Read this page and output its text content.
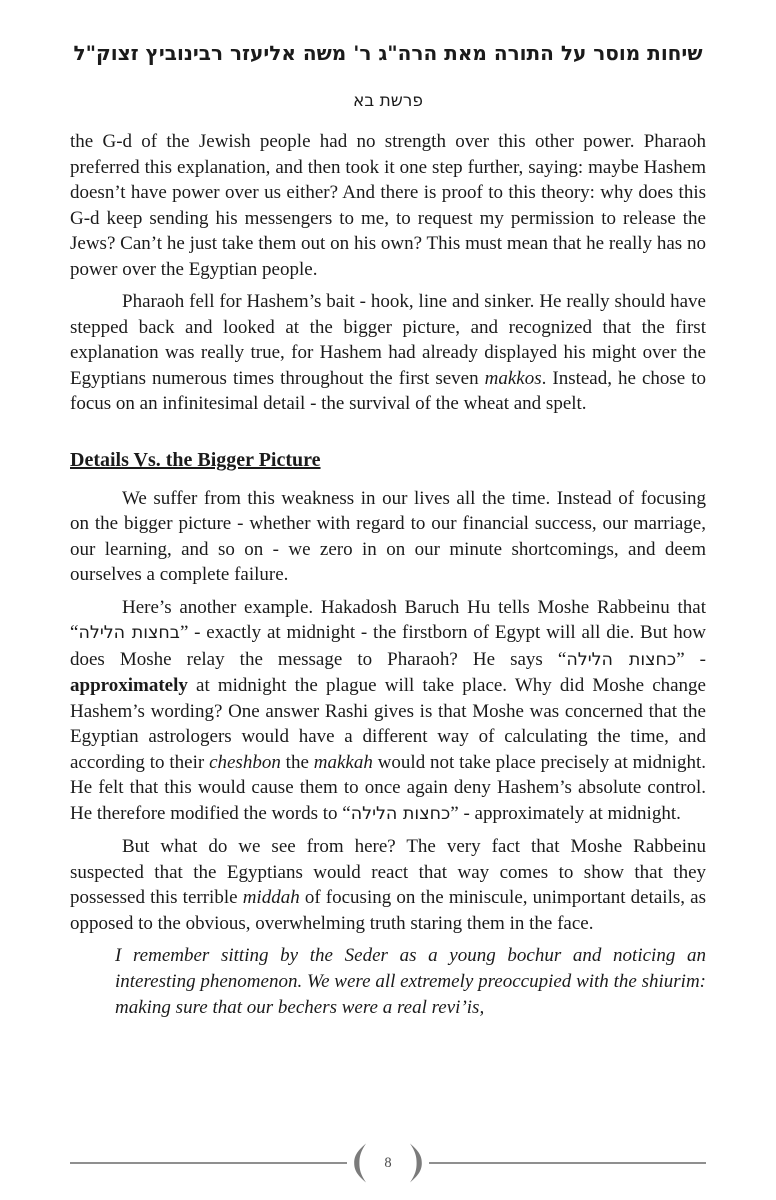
שיחות מוסר על התורה מאת הרה"ג ר' משה אליעזר רבינוביץ זצוק"ל
פרשת בא

the G-d of the Jewish people had no strength over this other power. Pharaoh preferred this explanation, and then took it one step further, saying: maybe Hashem doesn’t have power over us either? And there is proof to this theory: why does this G-d keep sending his messengers to me, to request my permission to release the Jews? Can’t he just take them out on his own? This must mean that he really has no power over the Egyptian people.

Pharaoh fell for Hashem’s bait - hook, line and sinker. He really should have stepped back and looked at the bigger picture, and recognized that the first explanation was really true, for Hashem had already displayed his might over the Egyptians numerous times throughout the first seven makkos. Instead, he chose to focus on an infinitesimal detail - the survival of the wheat and spelt.

Details Vs. the Bigger Picture

We suffer from this weakness in our lives all the time. Instead of focusing on the bigger picture - whether with regard to our financial success, our marriage, our learning, and so on - we zero in on our minute shortcomings, and deem ourselves a complete failure.

Here’s another example. Hakadosh Baruch Hu tells Moshe Rabbeinu that “בחצות הלילה” - exactly at midnight - the firstborn of Egypt will all die. But how does Moshe relay the message to Pharaoh? He says “כחצות הלילה” - approximately at midnight the plague will take place. Why did Moshe change Hashem’s wording? One answer Rashi gives is that Moshe was concerned that the Egyptian astrologers would have a different way of calculating the time, and according to their cheshbon the makkah would not take place precisely at midnight. He felt that this would cause them to once again deny Hashem’s absolute control. He therefore modified the words to “כחצות הלילה” - approximately at midnight.

But what do we see from here? The very fact that Moshe Rabbeinu suspected that the Egyptians would react that way comes to show that they possessed this terrible middah of focusing on the miniscule, unimportant details, as opposed to the obvious, overwhelming truth staring them in the face.

I remember sitting by the Seder as a young bochur and noticing an interesting phenomenon. We were all extremely preoccupied with the shiurim: making sure that our bechers were a real revi’is,

8
